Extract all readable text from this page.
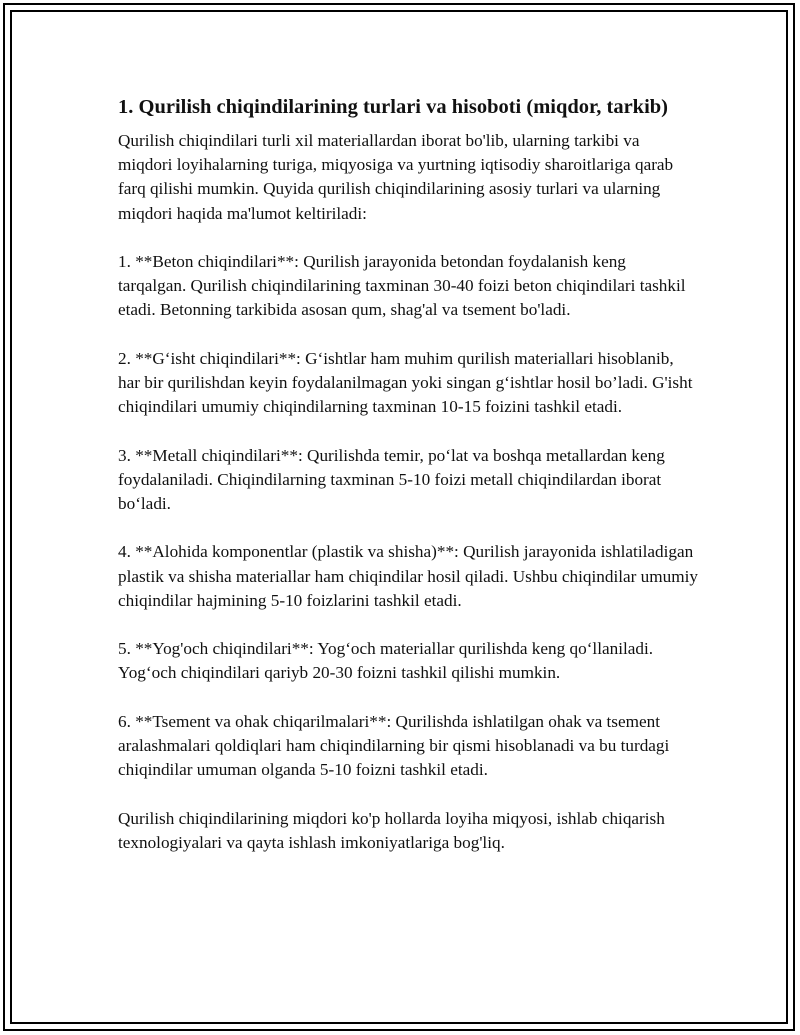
1. Qurilish chiqindilarining turlari va hisoboti (miqdor, tarkib)

Qurilish chiqindilari turli xil materiallardan iborat bo'lib, ularning tarkibi va miqdori loyihalarning turiga, miqyosiga va yurtning iqtisodiy sharoitlariga qarab farq qilishi mumkin. Quyida qurilish chiqindilarining asosiy turlari va ularning miqdori haqida ma'lumot keltiriladi:

1. **Beton chiqindilari**: Qurilish jarayonida betondan foydalanish keng tarqalgan. Qurilish chiqindilarining taxminan 30-40 foizi beton chiqindilari tashkil etadi. Betonning tarkibida asosan qum, shag'al va tsement bo'ladi.

2. **G‘isht chiqindilari**: G‘ishtlar ham muhim qurilish materiallari hisoblanib, har bir qurilishdan keyin foydalanilmagan yoki singan g‘ishtlar hosil bo’ladi. G'isht chiqindilari umumiy chiqindilarning taxminan 10-15 foizini tashkil etadi.

3. **Metall chiqindilari**: Qurilishda temir, po‘lat va boshqa metallardan keng foydalaniladi. Chiqindilarning taxminan 5-10 foizi metall chiqindilardan iborat bo‘ladi.

4. **Alohida komponentlar (plastik va shisha)**: Qurilish jarayonida ishlatiladigan plastik va shisha materiallar ham chiqindilar hosil qiladi. Ushbu chiqindilar umumiy chiqindilar hajmining 5-10 foizlarini tashkil etadi.

5. **Yog'och chiqindilari**: Yog‘och materiallar qurilishda keng qo‘llaniladi. Yog‘och chiqindilari qariyb 20-30 foizni tashkil qilishi mumkin.

6. **Tsement va ohak chiqarilmalari**: Qurilishda ishlatilgan ohak va tsement aralashmalari qoldiqlari ham chiqindilarning bir qismi hisoblanadi va bu turdagi chiqindilar umuman olganda 5-10 foizni tashkil etadi.

Qurilish chiqindilarining miqdori ko'p hollarda loyiha miqyosi, ishlab chiqarish texnologiyalari va qayta ishlash imkoniyatlariga bog'liq.
